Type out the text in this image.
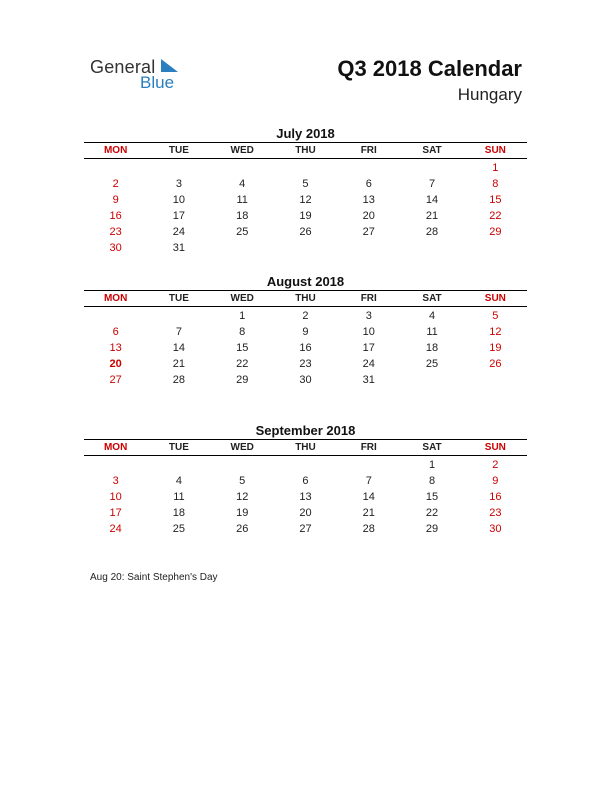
General
Blue
Q3 2018 Calendar
Hungary
July 2018
MON	TUE	WED	THU	FRI	SAT	SUN
						1
2	3	4	5	6	7	8
9	10	11	12	13	14	15
16	17	18	19	20	21	22
23	24	25	26	27	28	29
30	31					
August 2018
MON	TUE	WED	THU	FRI	SAT	SUN
		1	2	3	4	5
6	7	8	9	10	11	12
13	14	15	16	17	18	19
20	21	22	23	24	25	26
27	28	29	30	31		
September 2018
MON	TUE	WED	THU	FRI	SAT	SUN
					1	2
3	4	5	6	7	8	9
10	11	12	13	14	15	16
17	18	19	20	21	22	23
24	25	26	27	28	29	30
Aug 20: Saint Stephen's Day
